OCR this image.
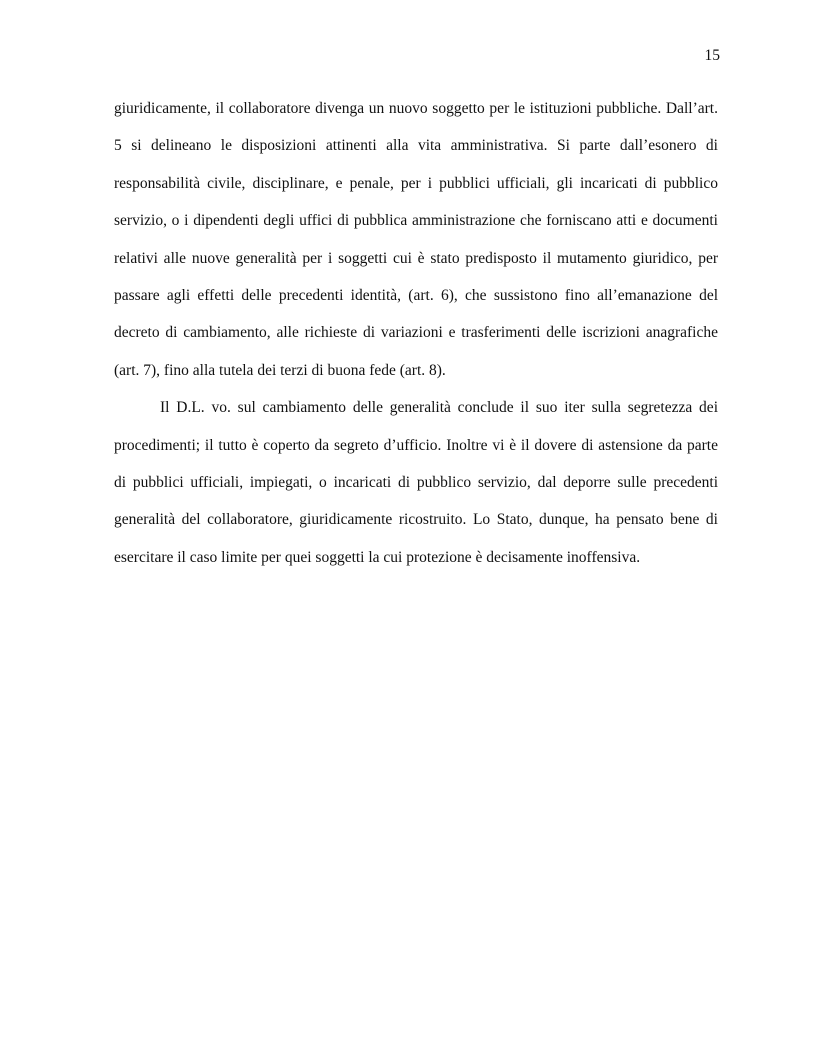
15

giuridicamente, il collaboratore divenga un nuovo soggetto per le istituzioni pubbliche. Dall’art. 5 si delineano le disposizioni attinenti alla vita amministrativa. Si parte dall’esonero di responsabilità civile, disciplinare, e penale, per i pubblici ufficiali, gli incaricati di pubblico servizio, o i dipendenti degli uffici di pubblica amministrazione che forniscano atti e documenti relativi alle nuove generalità per i soggetti cui è stato predisposto il mutamento giuridico, per passare agli effetti delle precedenti identità, (art. 6), che sussistono fino all’emanazione del decreto di cambiamento, alle richieste di variazioni e trasferimenti delle iscrizioni anagrafiche (art. 7), fino alla tutela dei terzi di buona fede (art. 8).

Il D.L. vo. sul cambiamento delle generalità conclude il suo iter sulla segretezza dei procedimenti; il tutto è coperto da segreto d’ufficio. Inoltre vi è il dovere di astensione da parte di pubblici ufficiali, impiegati, o incaricati di pubblico servizio, dal deporre sulle precedenti generalità del collaboratore, giuridicamente ricostruito. Lo Stato, dunque, ha pensato bene di esercitare il caso limite per quei soggetti la cui protezione è decisamente inoffensiva.
